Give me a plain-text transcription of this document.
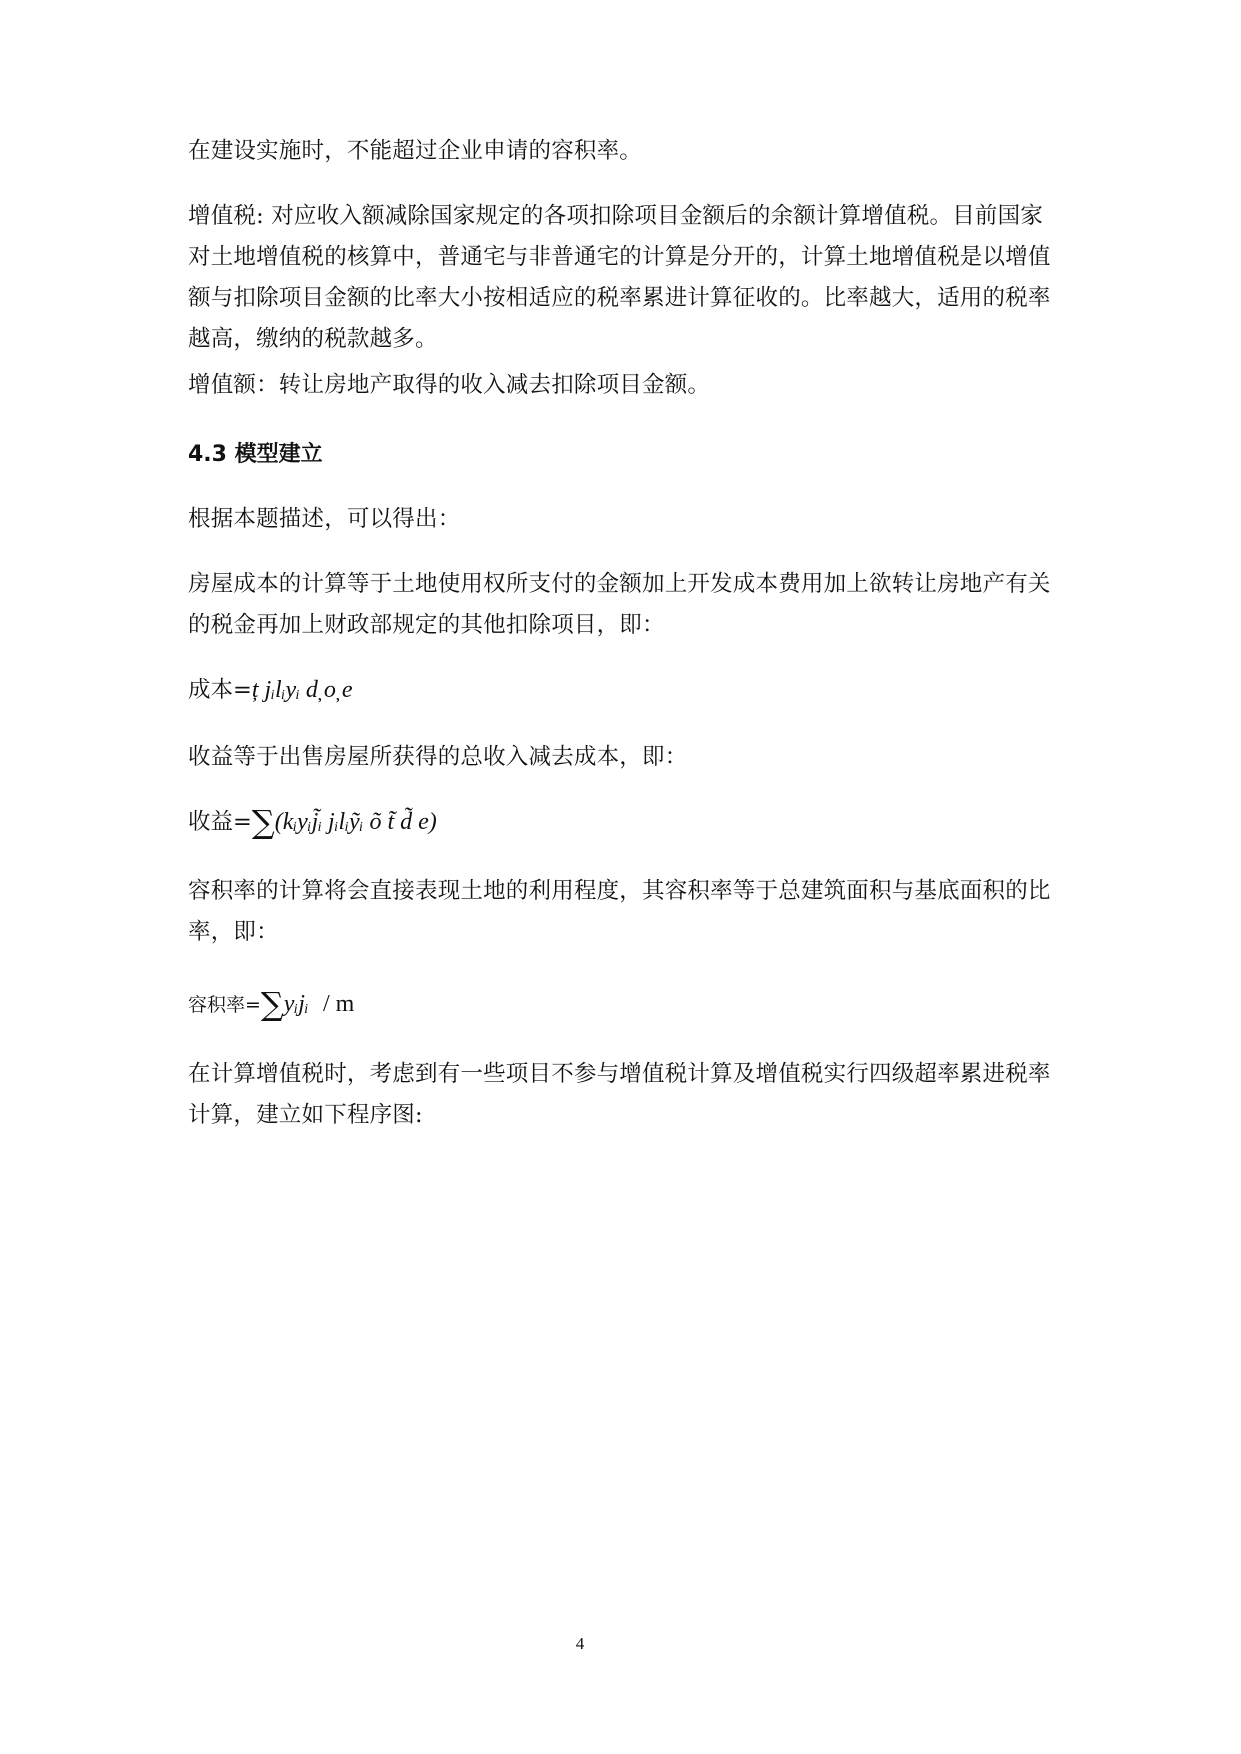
在建设实施时，不能超过企业申请的容积率。

增值税: 对应收入额减除国家规定的各项扣除项目金额后的余额计算增值税。目前国家对土地增值税的核算中，普通宅与非普通宅的计算是分开的，计算土地增值税是以增值额与扣除项目金额的比率大小按相适应的税率累进计算征收的。比率越大，适用的税率越高，缴纳的税款越多。

增值额：转让房地产取得的收入减去扣除项目金额。

4.3 模型建立

根据本题描述，可以得出：

房屋成本的计算等于土地使用权所支付的金额加上开发成本费用加上欲转让房地产有关的税金再加上财政部规定的其他扣除项目，即：

成本=ț jᵢlᵢyᵢ d̦ o̦ e

收益等于出售房屋所获得的总收入减去成本，即：

收益=∑(kᵢyᵢj̃ᵢ jᵢlᵢỹᵢ õ t̃ d̃ e)

容积率的计算将会直接表现土地的利用程度，其容积率等于总建筑面积与基底面积的比率，即：

容积率=∑yᵢjᵢ / m

在计算增值税时，考虑到有一些项目不参与增值税计算及增值税实行四级超率累进税率计算，建立如下程序图:

4
